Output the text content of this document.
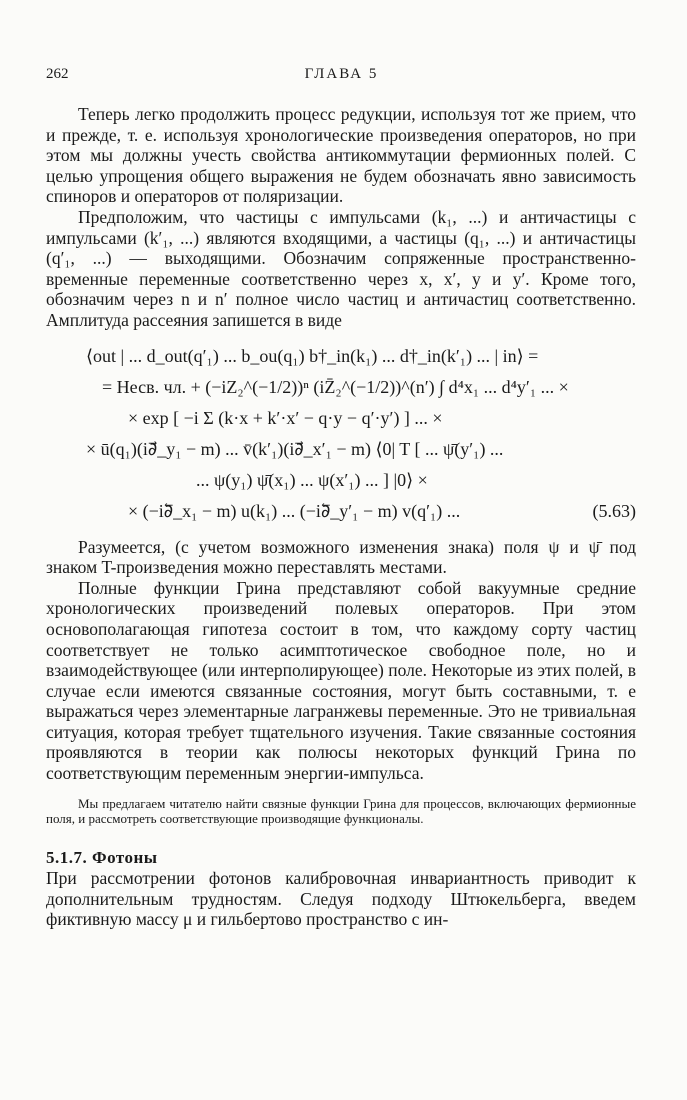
262	ГЛАВА 5

Теперь легко продолжить процесс редукции, используя тот же прием, что и прежде, т. е. используя хронологические произведения операторов, но при этом мы должны учесть свойства антикоммутации фермионных полей. С целью упрощения общего выражения не будем обозначать явно зависимость спиноров и операторов от поляризации.

Предположим, что частицы с импульсами (k₁, ...) и античастицы с импульсами (k′₁, ...) являются входящими, а частицы (q₁, ...) и античастицы (q′₁, ...) — выходящими. Обозначим сопряженные пространственно-временные переменные соответственно через x, x′, y и y′. Кроме того, обозначим через n и n′ полное число частиц и античастиц соответственно. Амплитуда рассеяния запишется в виде

⟨out | ... d_out(q′₁) ... b_ou(q₁) b†_in(k₁) ... d†_in(k′₁) ... | in⟩ =
= Несв. чл. + (−iZ₂^(−1/2))ⁿ (iZ̄₂^(−1/2))^(n′) ∫ d⁴x₁ ... d⁴y′₁ ... ×
× exp [ −i Σ (k·x + k′·x′ − q·y − q′·y′) ] ... ×
× ū(q₁)(i∂⃗_y₁ − m) ... v̄(k′₁)(i∂⃗_x′₁ − m) ⟨0| T [ ... ψ̄(y′₁) ...
... ψ(y₁) ψ̄(x₁) ... ψ(x′₁) ... ] |0⟩ ×
× (−i∂⃖_x₁ − m) u(k₁) ... (−i∂⃖_y′₁ − m) v(q′₁) ...	(5.63)

Разумеется, (с учетом возможного изменения знака) поля ψ и ψ̄ под знаком T-произведения можно переставлять местами.

Полные функции Грина представляют собой вакуумные средние хронологических произведений полевых операторов. При этом основополагающая гипотеза состоит в том, что каждому сорту частиц соответствует не только асимптотическое свободное поле, но и взаимодействующее (или интерполирующее) поле. Некоторые из этих полей, в случае если имеются связанные состояния, могут быть составными, т. е выражаться через элементарные лагранжевы переменные. Это не тривиальная ситуация, которая требует тщательного изучения. Такие связанные состояния проявляются в теории как полюсы некоторых функций Грина по соответствующим переменным энергии-импульса.

Мы предлагаем читателю найти связные функции Грина для процессов, включающих фермионные поля, и рассмотреть соответствующие производящие функционалы.
5.1.7. Фотоны

При рассмотрении фотонов калибровочная инвариантность приводит к дополнительным трудностям. Следуя подходу Штюкельберга, введем фиктивную массу μ и гильбертово пространство с ин-
